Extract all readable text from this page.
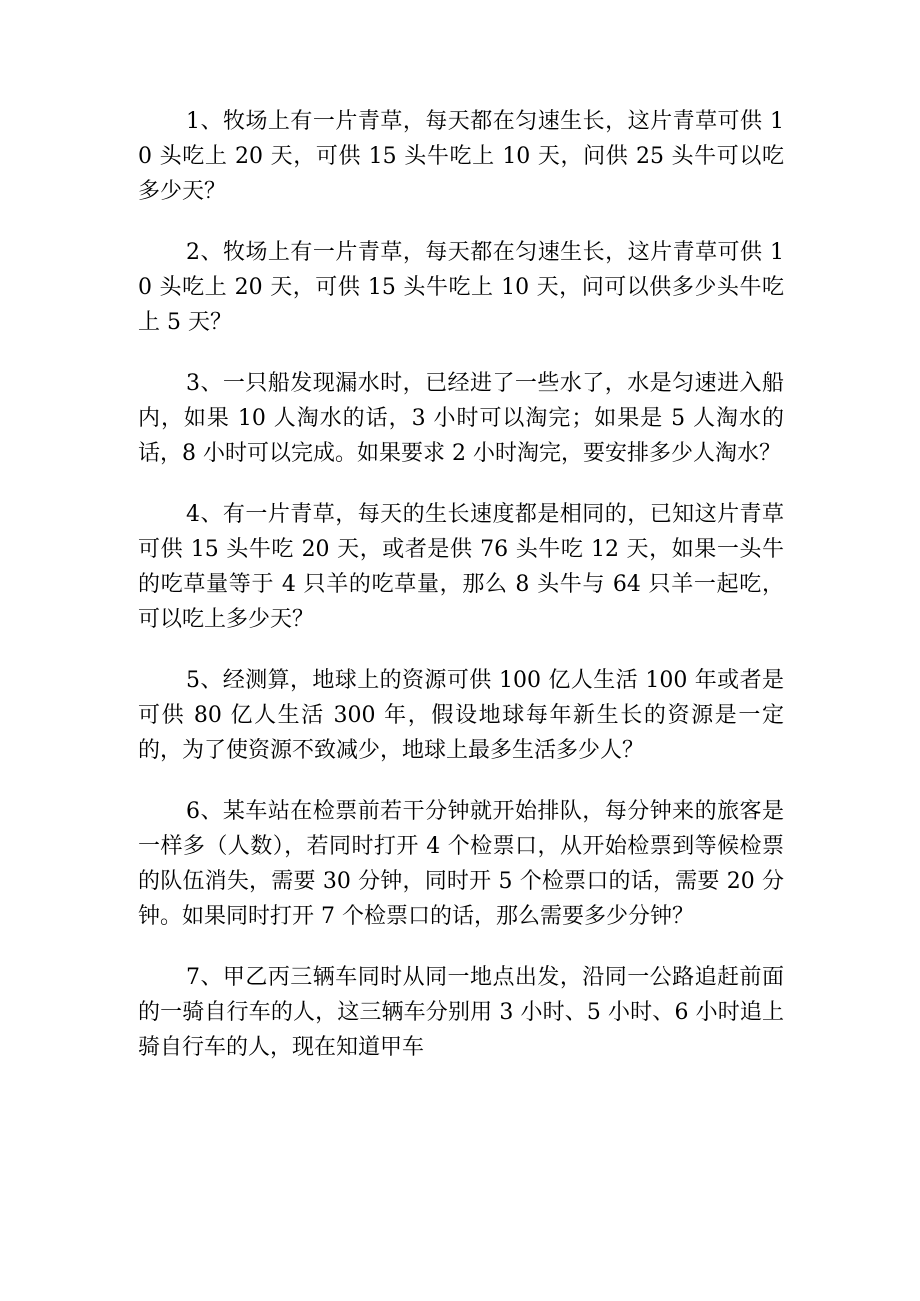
1、牧场上有一片青草，每天都在匀速生长，这片青草可供 10 头吃上 20 天，可供 15 头牛吃上 10 天，问供 25 头牛可以吃多少天？

2、牧场上有一片青草，每天都在匀速生长，这片青草可供 10 头吃上 20 天，可供 15 头牛吃上 10 天，问可以供多少头牛吃上 5 天？

3、一只船发现漏水时，已经进了一些水了，水是匀速进入船内，如果 10 人淘水的话，3 小时可以淘完；如果是 5 人淘水的话，8 小时可以完成。如果要求 2 小时淘完，要安排多少人淘水？

4、有一片青草，每天的生长速度都是相同的，已知这片青草可供 15 头牛吃 20 天，或者是供 76 头牛吃 12 天，如果一头牛的吃草量等于 4 只羊的吃草量，那么 8 头牛与 64 只羊一起吃，可以吃上多少天？

5、经测算，地球上的资源可供 100 亿人生活 100 年或者是可供 80 亿人生活 300 年，假设地球每年新生长的资源是一定的，为了使资源不致减少，地球上最多生活多少人？

6、某车站在检票前若干分钟就开始排队，每分钟来的旅客是一样多（人数），若同时打开 4 个检票口，从开始检票到等候检票的队伍消失，需要 30 分钟，同时开 5 个检票口的话，需要 20 分钟。如果同时打开 7 个检票口的话，那么需要多少分钟？

7、甲乙丙三辆车同时从同一地点出发，沿同一公路追赶前面的一骑自行车的人，这三辆车分别用 3 小时、5 小时、6 小时追上骑自行车的人，现在知道甲车
